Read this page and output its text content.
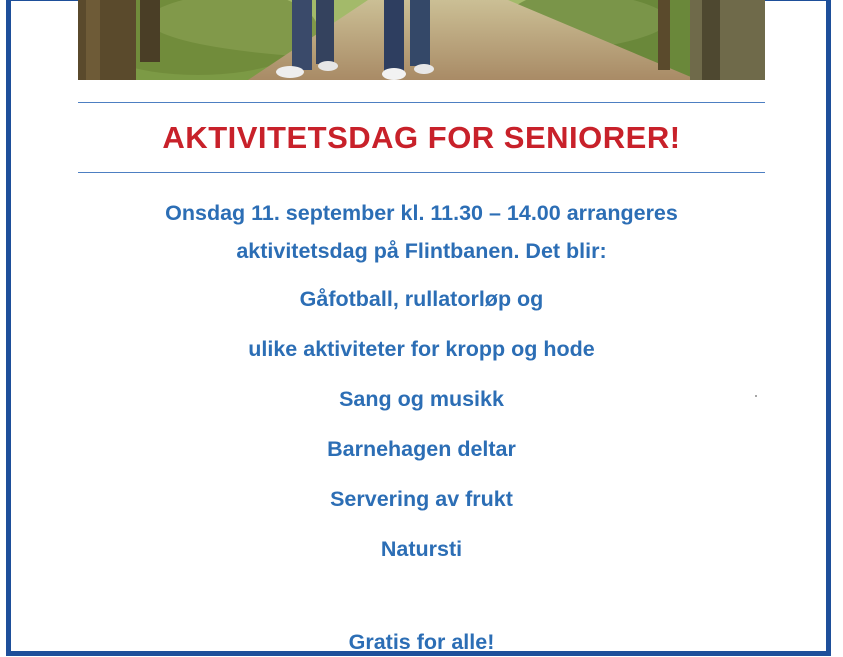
AKTIVITETSDAG FOR SENIORER!
Onsdag 11. september kl. 11.30 – 14.00 arrangeres
aktivitetsdag på Flintbanen. Det blir:
Gåfotball, rullatorløp og
ulike aktiviteter for kropp og hode
Sang og musikk
Barnehagen deltar
Servering av frukt
Natursti
Gratis for alle!
